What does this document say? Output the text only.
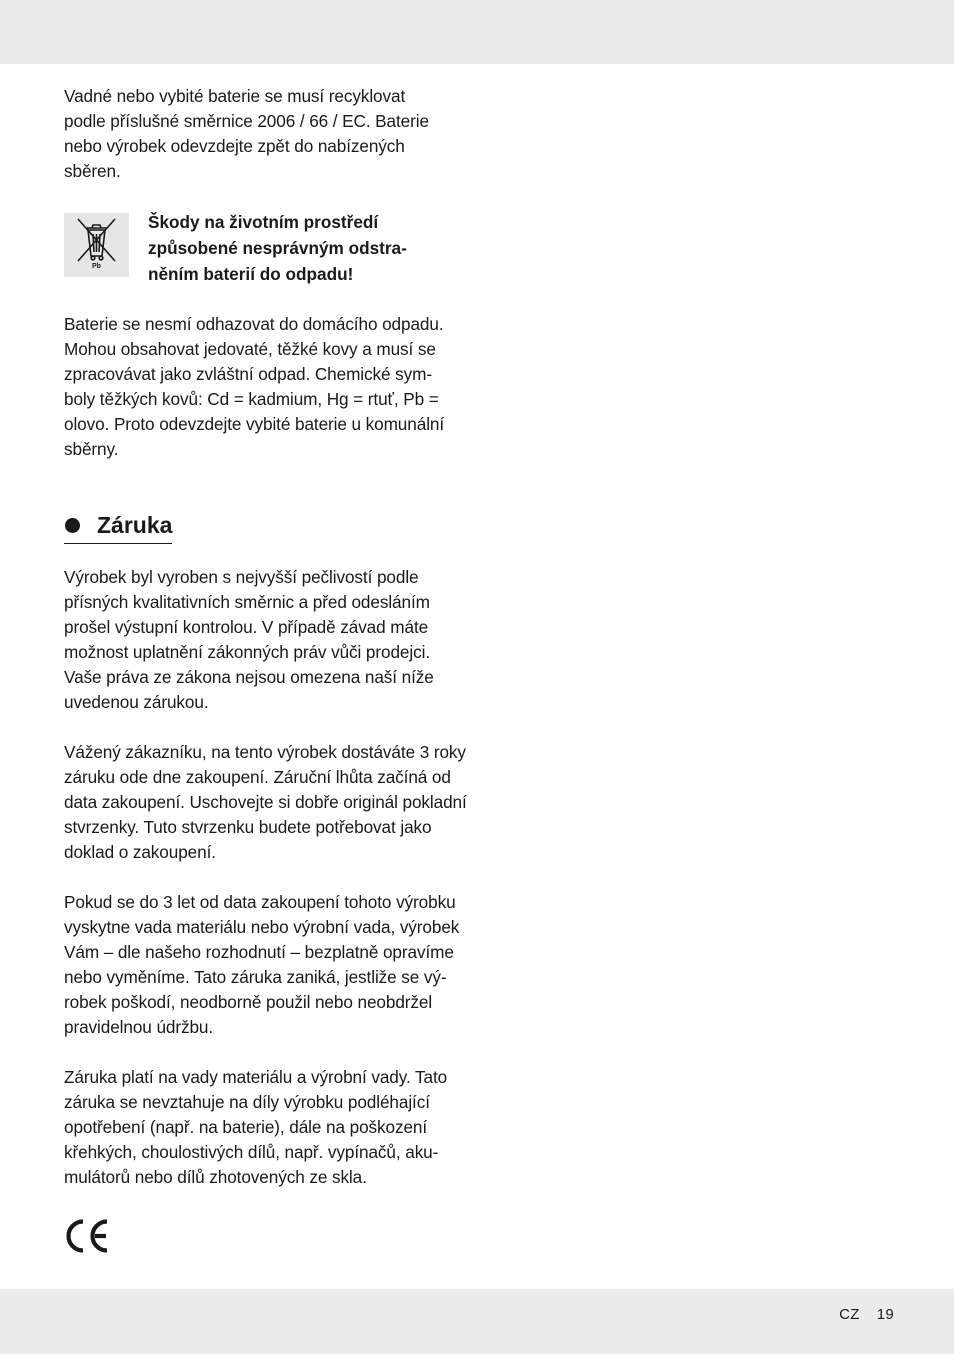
Vadné nebo vybité baterie se musí recyklovat
podle příslušné směrnice 2006 / 66 / EC. Baterie
nebo výrobek odevzdejte zpět do nabízených
sběren.

Pb

Škody na životním prostředí
způsobené nesprávným odstra-
něním baterií do odpadu!

Baterie se nesmí odhazovat do domácího odpadu.
Mohou obsahovat jedovaté, těžké kovy a musí se
zpracovávat jako zvláštní odpad. Chemické sym-
boly těžkých kovů: Cd = kadmium, Hg = rtuť, Pb =
olovo. Proto odevzdejte vybité baterie u komunální
sběrny.

Záruka

Výrobek byl vyroben s nejvyšší pečlivostí podle
přísných kvalitativních směrnic a před odesláním
prošel výstupní kontrolou. V případě závad máte
možnost uplatnění zákonných práv vůči prodejci.
Vaše práva ze zákona nejsou omezena naší níže
uvedenou zárukou.

Vážený zákazníku, na tento výrobek dostáváte 3 roky
záruku ode dne zakoupení. Záruční lhůta začíná od
data zakoupení. Uschovejte si dobře originál pokladní
stvrzenky. Tuto stvrzenku budete potřebovat jako
doklad o zakoupení.

Pokud se do 3 let od data zakoupení tohoto výrobku
vyskytne vada materiálu nebo výrobní vada, výrobek
Vám – dle našeho rozhodnutí – bezplatně opravíme
nebo vyměníme. Tato záruka zaniká, jestliže se vý-
robek poškodí, neodborně použil nebo neobdržel
pravidelnou údržbu.

Záruka platí na vady materiálu a výrobní vady. Tato
záruka se nevztahuje na díly výrobku podléhající
opotřebení (např. na baterie), dále na poškození
křehkých, choulostivých dílů, např. vypínačů, aku-
mulátorů nebo dílů zhotovených ze skla.

CZ 19
